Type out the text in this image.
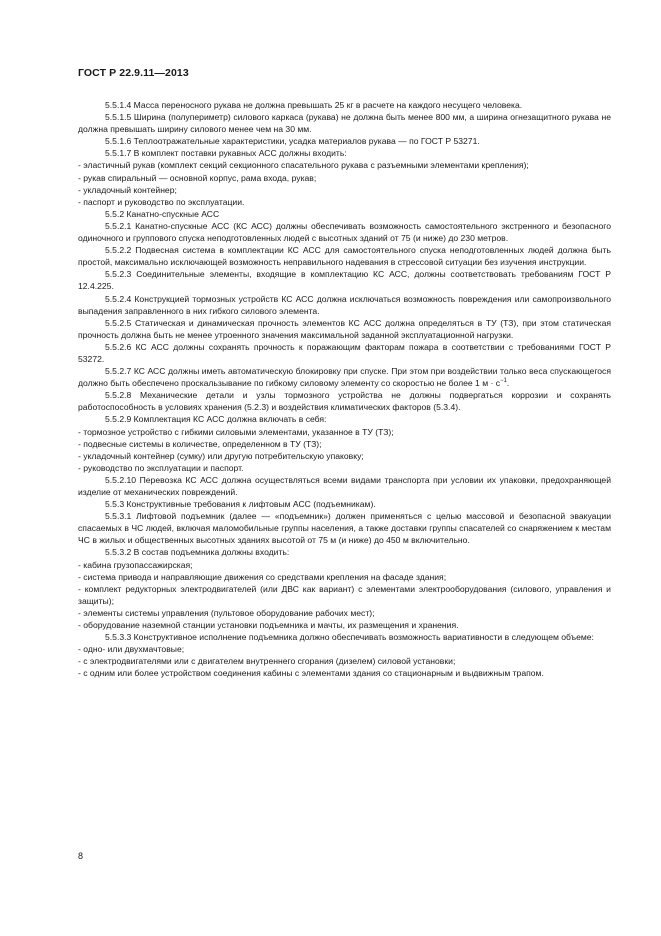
ГОСТ Р 22.9.11—2013

5.5.1.4 Масса переносного рукава не должна превышать 25 кг в расчете на каждого несущего человека.

5.5.1.5 Ширина (полупериметр) силового каркаса (рукава) не должна быть менее 800 мм, а ширина огнезащитного рукава не должна превышать ширину силового менее чем на 30 мм.

5.5.1.6 Теплоотражательные характеристики, усадка материалов рукава — по ГОСТ Р 53271.

5.5.1.7 В комплект поставки рукавных АСС должны входить:

- эластичный рукав (комплект секций секционного спасательного рукава с разъемными элементами крепления);

- рукав спиральный — основной корпус, рама входа, рукав;

- укладочный контейнер;

- паспорт и руководство по эксплуатации.

5.5.2 Канатно-спускные АСС

5.5.2.1 Канатно-спускные АСС (КС АСС) должны обеспечивать возможность самостоятельного экстренного и безопасного одиночного и группового спуска неподготовленных людей с высотных зданий от 75 (и ниже) до 230 метров.

5.5.2.2 Подвесная система в комплектации КС АСС для самостоятельного спуска неподготовленных людей должна быть простой, максимально исключающей возможность неправильного надевания в стрессовой ситуации без изучения инструкции.

5.5.2.3 Соединительные элементы, входящие в комплектацию КС АСС, должны соответствовать требованиям ГОСТ Р 12.4.225.

5.5.2.4 Конструкцией тормозных устройств КС АСС должна исключаться возможность повреждения или самопроизвольного выпадения заправленного в них гибкого силового элемента.

5.5.2.5 Статическая и динамическая прочность элементов КС АСС должна определяться в ТУ (ТЗ), при этом статическая прочность должна быть не менее утроенного значения максимальной заданной эксплуатационной нагрузки.

5.5.2.6 КС АСС должны сохранять прочность к поражающим факторам пожара в соответствии с требованиями ГОСТ Р 53272.

5.5.2.7 КС АСС должны иметь автоматическую блокировку при спуске. При этом при воздействии только веса спускающегося должно быть обеспечено проскальзывание по гибкому силовому элементу со скоростью не более 1 $м \cdot с^{-1}$.

5.5.2.8 Механические детали и узлы тормозного устройства не должны подвергаться коррозии и сохранять работоспособность в условиях хранения (5.2.3) и воздействия климатических факторов (5.3.4).

5.5.2.9 Комплектация КС АСС должна включать в себя:

- тормозное устройство с гибкими силовыми элементами, указанное в ТУ (ТЗ);

- подвесные системы в количестве, определенном в ТУ (ТЗ);

- укладочный контейнер (сумку) или другую потребительскую упаковку;

- руководство по эксплуатации и паспорт.

5.5.2.10 Перевозка КС АСС должна осуществляться всеми видами транспорта при условии их упаковки, предохраняющей изделие от механических повреждений.

5.5.3 Конструктивные требования к лифтовым АСС (подъемникам).

5.5.3.1 Лифтовой подъемник (далее — «подъемник») должен применяться с целью массовой и безопасной эвакуации спасаемых в ЧС людей, включая маломобильные группы населения, а также доставки группы спасателей со снаряжением к местам ЧС в жилых и общественных высотных зданиях высотой от 75 м (и ниже) до 450 м включительно.

5.5.3.2 В состав подъемника должны входить:

- кабина грузопассажирская;

- система привода и направляющие движения со средствами крепления на фасаде здания;

- комплект редукторных электродвигателей (или ДВС как вариант) с элементами электрооборудования (силового, управления и защиты);

- элементы системы управления (пультовое оборудование рабочих мест);

- оборудование наземной станции установки подъемника и мачты, их размещения и хранения.

5.5.3.3 Конструктивное исполнение подъемника должно обеспечивать возможность вариативности в следующем объеме:

- одно- или двухмачтовые;

- с электродвигателями или с двигателем внутреннего сгорания (дизелем) силовой установки;

- с одним или более устройством соединения кабины с элементами здания со стационарным и выдвижным трапом.

8
